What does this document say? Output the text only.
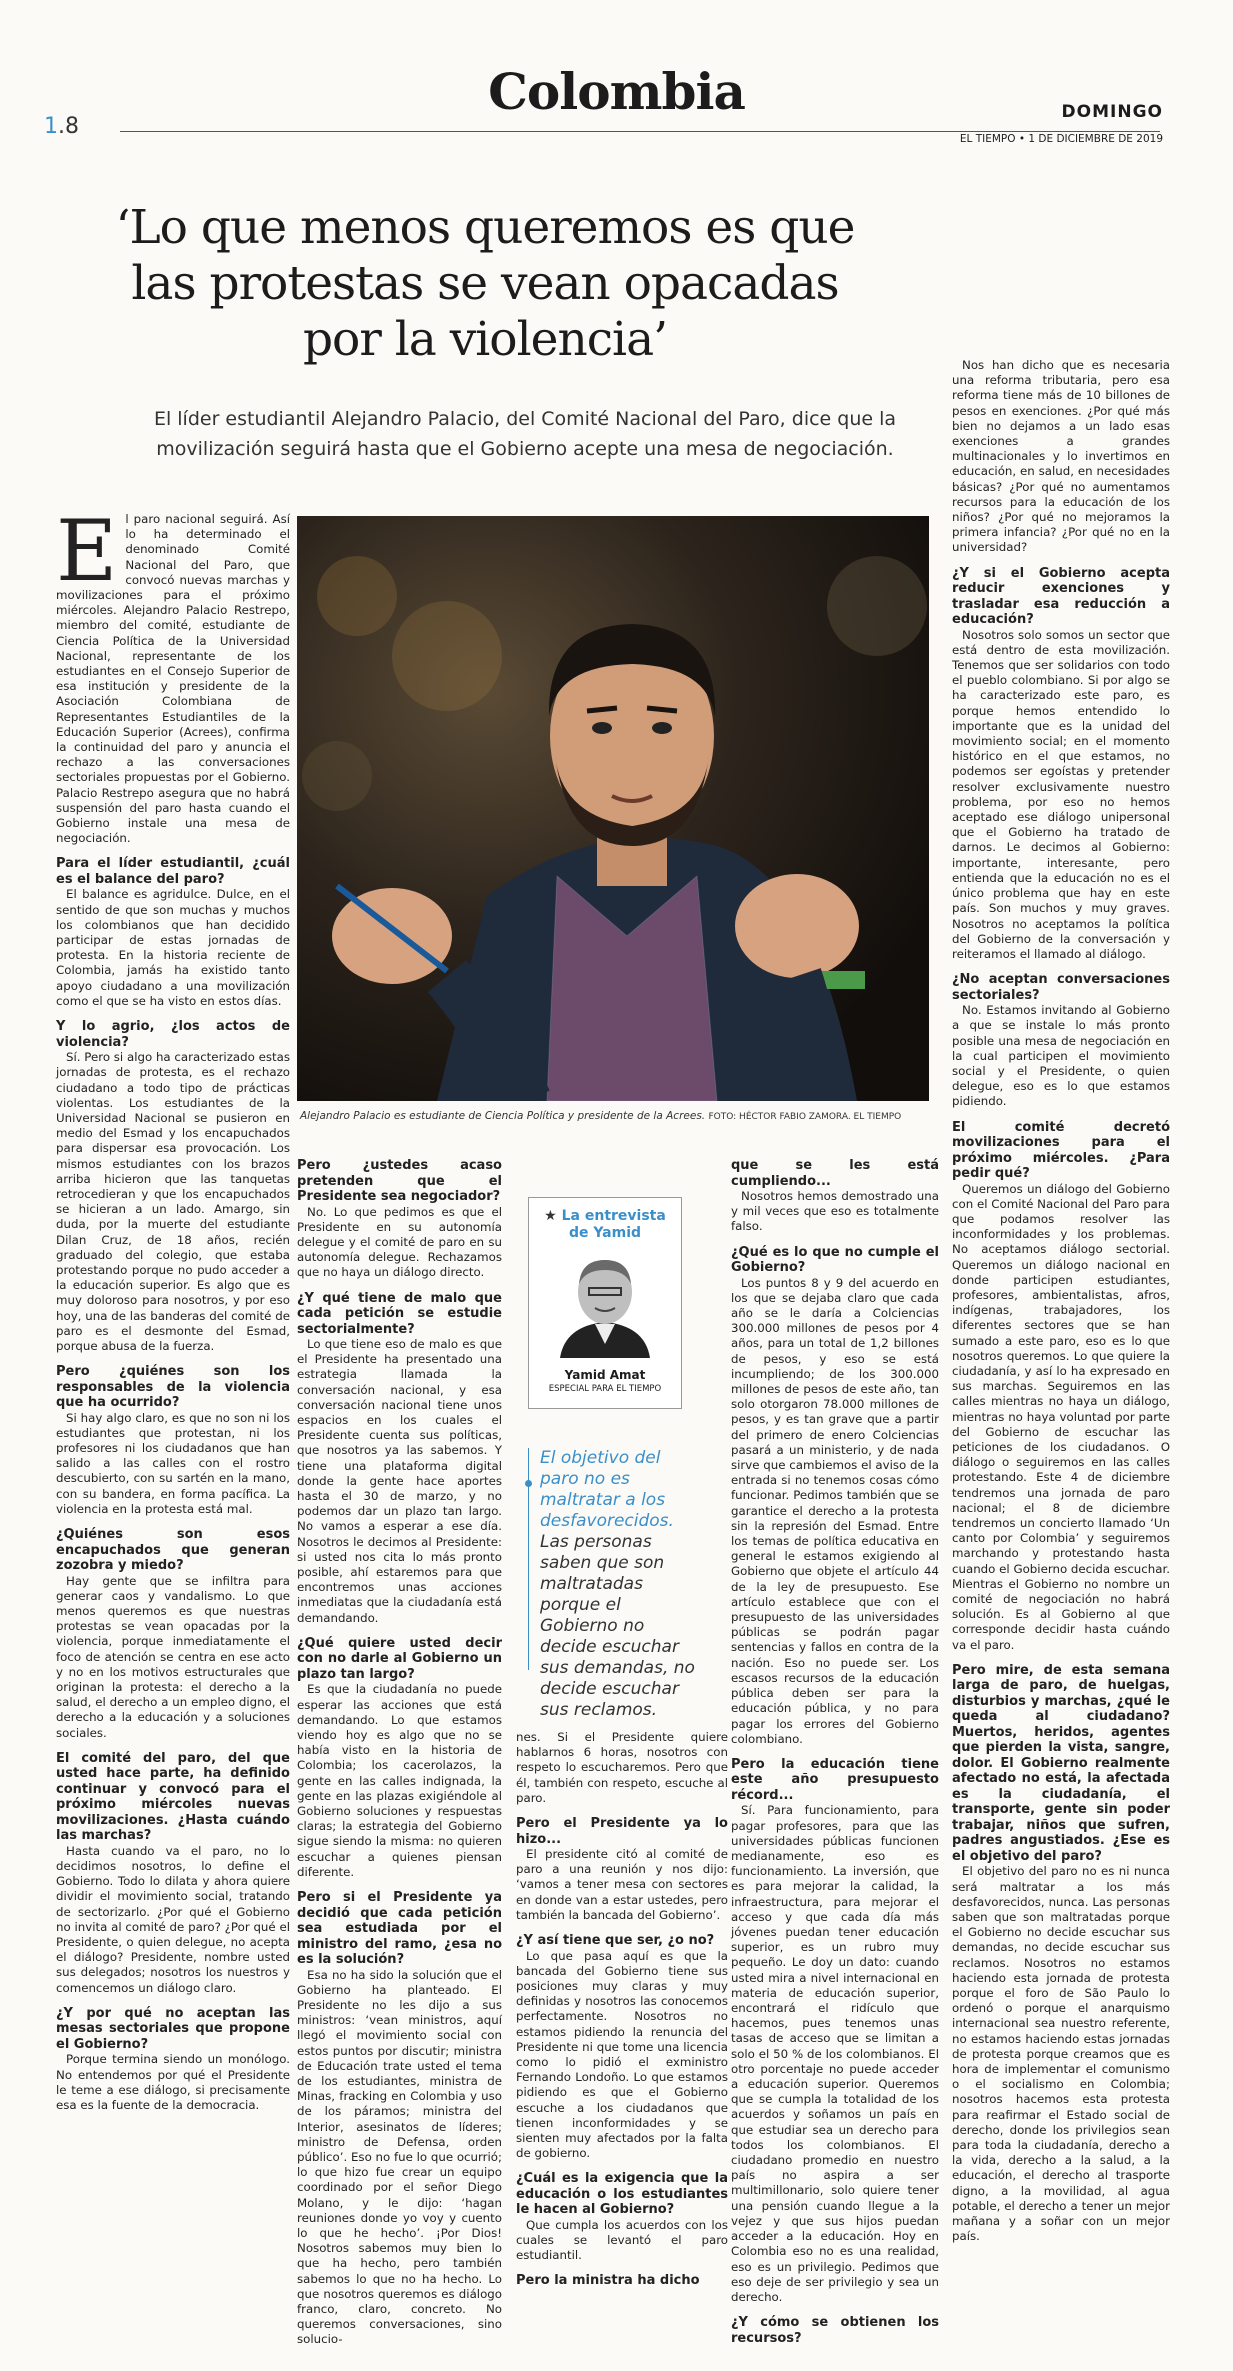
Colombia
1.8
DOMINGO
EL TIEMPO • 1 DE DICIEMBRE DE 2019
‘Lo que menos queremos es que las protestas se vean opacadas por la violencia’
El líder estudiantil Alejandro Palacio, del Comité Nacional del Paro, dice que la movilización seguirá hasta que el Gobierno acepte una mesa de negociación.

El paro nacional seguirá. Así lo ha determinado el denominado Comité Nacional del Paro, que convocó nuevas marchas y movilizaciones para el próximo miércoles. Alejandro Palacio Restrepo, miembro del comité, estudiante de Ciencia Política de la Universidad Nacional, representante de los estudiantes en el Consejo Superior de esa institución y presidente de la Asociación Colombiana de Representantes Estudiantiles de la Educación Superior (Acrees), confirma la continuidad del paro y anuncia el rechazo a las conversaciones sectoriales propuestas por el Gobierno. Palacio Restrepo asegura que no habrá suspensión del paro hasta cuando el Gobierno instale una mesa de negociación.

Para el líder estudiantil, ¿cuál es el balance del paro?

El balance es agridulce. Dulce, en el sentido de que son muchas y muchos los colombianos que han decidido participar de estas jornadas de protesta. En la historia reciente de Colombia, jamás ha existido tanto apoyo ciudadano a una movilización como el que se ha visto en estos días.

Y lo agrio, ¿los actos de violencia?

Sí. Pero si algo ha caracterizado estas jornadas de protesta, es el rechazo ciudadano a todo tipo de prácticas violentas. Los estudiantes de la Universidad Nacional se pusieron en medio del Esmad y los encapuchados para dispersar esa provocación. Los mismos estudiantes con los brazos arriba hicieron que las tanquetas retrocedieran y que los encapuchados se hicieran a un lado. Amargo, sin duda, por la muerte del estudiante Dilan Cruz, de 18 años, recién graduado del colegio, que estaba protestando porque no pudo acceder a la educación superior. Es algo que es muy doloroso para nosotros, y por eso hoy, una de las banderas del comité de paro es el desmonte del Esmad, porque abusa de la fuerza.

Pero ¿quiénes son los responsables de la violencia que ha ocurrido?

Si hay algo claro, es que no son ni los estudiantes que protestan, ni los profesores ni los ciudadanos que han salido a las calles con el rostro descubierto, con su sartén en la mano, con su bandera, en forma pacífica. La violencia en la protesta está mal.

¿Quiénes son esos encapuchados que generan zozobra y miedo?

Hay gente que se infiltra para generar caos y vandalismo. Lo que menos queremos es que nuestras protestas se vean opacadas por la violencia, porque inmediatamente el foco de atención se centra en ese acto y no en los motivos estructurales que originan la protesta: el derecho a la salud, el derecho a un empleo digno, el derecho a la educación y a soluciones sociales.

El comité del paro, del que usted hace parte, ha definido continuar y convocó para el próximo miércoles nuevas movilizaciones. ¿Hasta cuándo las marchas?

Hasta cuando va el paro, no lo decidimos nosotros, lo define el Gobierno. Todo lo dilata y ahora quiere dividir el movimiento social, tratando de sectorizarlo. ¿Por qué el Gobierno no invita al comité de paro? ¿Por qué el Presidente, o quien delegue, no acepta el diálogo? Presidente, nombre usted sus delegados; nosotros los nuestros y comencemos un diálogo claro.

¿Y por qué no aceptan las mesas sectoriales que propone el Gobierno?

Porque termina siendo un monólogo. No entendemos por qué el Presidente le teme a ese diálogo, si precisamente esa es la fuente de la democracia.

Alejandro Palacio es estudiante de Ciencia Política y presidente de la Acrees. FOTO: HÉCTOR FABIO ZAMORA. EL TIEMPO
Pero ¿ustedes acaso pretenden que el Presidente sea negociador?

No. Lo que pedimos es que el Presidente en su autonomía delegue y el comité de paro en su autonomía delegue. Rechazamos que no haya un diálogo directo.

¿Y qué tiene de malo que cada petición se estudie sectorialmente?

Lo que tiene eso de malo es que el Presidente ha presentado una estrategia llamada la conversación nacional, y esa conversación nacional tiene unos espacios en los cuales el Presidente cuenta sus políticas, que nosotros ya las sabemos. Y tiene una plataforma digital donde la gente hace aportes hasta el 30 de marzo, y no podemos dar un plazo tan largo. No vamos a esperar a ese día. Nosotros le decimos al Presidente: si usted nos cita lo más pronto posible, ahí estaremos para que encontremos unas acciones inmediatas que la ciudadanía está demandando.

¿Qué quiere usted decir con no darle al Gobierno un plazo tan largo?

Es que la ciudadanía no puede esperar las acciones que está demandando. Lo que estamos viendo hoy es algo que no se había visto en la historia de Colombia; los cacerolazos, la gente en las calles indignada, la gente en las plazas exigiéndole al Gobierno soluciones y respuestas claras; la estrategia del Gobierno sigue siendo la misma: no quieren escuchar a quienes piensan diferente.

Pero si el Presidente ya decidió que cada petición sea estudiada por el ministro del ramo, ¿esa no es la solución?

Esa no ha sido la solución que el Gobierno ha planteado. El Presidente no les dijo a sus ministros: ‘vean ministros, aquí llegó el movimiento social con estos puntos por discutir; ministra de Educación trate usted el tema de los estudiantes, ministra de Minas, fracking en Colombia y uso de los páramos; ministra del Interior, asesinatos de líderes; ministro de Defensa, orden público’. Eso no fue lo que ocurrió; lo que hizo fue crear un equipo coordinado por el señor Diego Molano, y le dijo: ‘hagan reuniones donde yo voy y cuento lo que he hecho’. ¡Por Dios! Nosotros sabemos muy bien lo que ha hecho, pero también sabemos lo que no ha hecho. Lo que nosotros queremos es diálogo franco, claro, concreto. No queremos conversaciones, sino solucio-

★ La entrevista
de Yamid
Yamid Amat
ESPECIAL PARA EL TIEMPO
El objetivo del paro no es maltratar a los desfavorecidos. Las personas saben que son maltratadas porque el Gobierno no decide escuchar sus demandas, no decide escuchar sus reclamos.

nes. Si el Presidente quiere hablarnos 6 horas, nosotros con respeto lo escucharemos. Pero que él, también con respeto, escuche al paro.

Pero el Presidente ya lo hizo...

El presidente citó al comité de paro a una reunión y nos dijo: ‘vamos a tener mesa con sectores en donde van a estar ustedes, pero también la bancada del Gobierno’.

¿Y así tiene que ser, ¿o no?

Lo que pasa aquí es que la bancada del Gobierno tiene sus posiciones muy claras y muy definidas y nosotros las conocemos perfectamente. Nosotros no estamos pidiendo la renuncia del Presidente ni que tome una licencia como lo pidió el exministro Fernando Londoño. Lo que estamos pidiendo es que el Gobierno escuche a los ciudadanos que tienen inconformidades y se sienten muy afectados por la falta de gobierno.

¿Cuál es la exigencia que la educación o los estudiantes le hacen al Gobierno?

Que cumpla los acuerdos con los cuales se levantó el paro estudiantil.

Pero la ministra ha dicho
que se les está cumpliendo...

Nosotros hemos demostrado una y mil veces que eso es totalmente falso.

¿Qué es lo que no cumple el Gobierno?

Los puntos 8 y 9 del acuerdo en los que se dejaba claro que cada año se le daría a Colciencias 300.000 millones de pesos por 4 años, para un total de 1,2 billones de pesos, y eso se está incumpliendo; de los 300.000 millones de pesos de este año, tan solo otorgaron 78.000 millones de pesos, y es tan grave que a partir del primero de enero Colciencias pasará a un ministerio, y de nada sirve que cambiemos el aviso de la entrada si no tenemos cosas cómo funcionar. Pedimos también que se garantice el derecho a la protesta sin la represión del Esmad. Entre los temas de política educativa en general le estamos exigiendo al Gobierno que objete el artículo 44 de la ley de presupuesto. Ese artículo establece que con el presupuesto de las universidades públicas se podrán pagar sentencias y fallos en contra de la nación. Eso no puede ser. Los escasos recursos de la educación pública deben ser para la educación pública, y no para pagar los errores del Gobierno colombiano.

Pero la educación tiene este año presupuesto récord...

Sí. Para funcionamiento, para pagar profesores, para que las universidades públicas funcionen medianamente, eso es funcionamiento. La inversión, que es para mejorar la calidad, la infraestructura, para mejorar el acceso y que cada día más jóvenes puedan tener educación superior, es un rubro muy pequeño. Le doy un dato: cuando usted mira a nivel internacional en materia de educación superior, encontrará el ridículo que hacemos, pues tenemos unas tasas de acceso que se limitan a solo el 50 % de los colombianos. El otro porcentaje no puede acceder a educación superior. Queremos que se cumpla la totalidad de los acuerdos y soñamos un país en que estudiar sea un derecho para todos los colombianos. El ciudadano promedio en nuestro país no aspira a ser multimillonario, solo quiere tener una pensión cuando llegue a la vejez y que sus hijos puedan acceder a la educación. Hoy en Colombia eso no es una realidad, eso es un privilegio. Pedimos que eso deje de ser privilegio y sea un derecho.

¿Y cómo se obtienen los recursos?

Nos han dicho que es necesaria una reforma tributaria, pero esa reforma tiene más de 10 billones de pesos en exenciones. ¿Por qué más bien no dejamos a un lado esas exenciones a grandes multinacionales y lo invertimos en educación, en salud, en necesidades básicas? ¿Por qué no aumentamos recursos para la educación de los niños? ¿Por qué no mejoramos la primera infancia? ¿Por qué no en la universidad?

¿Y si el Gobierno acepta reducir exenciones y trasladar esa reducción a educación?

Nosotros solo somos un sector que está dentro de esta movilización. Tenemos que ser solidarios con todo el pueblo colombiano. Si por algo se ha caracterizado este paro, es porque hemos entendido lo importante que es la unidad del movimiento social; en el momento histórico en el que estamos, no podemos ser egoístas y pretender resolver exclusivamente nuestro problema, por eso no hemos aceptado ese diálogo unipersonal que el Gobierno ha tratado de darnos. Le decimos al Gobierno: importante, interesante, pero entienda que la educación no es el único problema que hay en este país. Son muchos y muy graves. Nosotros no aceptamos la política del Gobierno de la conversación y reiteramos el llamado al diálogo.

¿No aceptan conversaciones sectoriales?

No. Estamos invitando al Gobierno a que se instale lo más pronto posible una mesa de negociación en la cual participen el movimiento social y el Presidente, o quien delegue, eso es lo que estamos pidiendo.

El comité decretó movilizaciones para el próximo miércoles. ¿Para pedir qué?

Queremos un diálogo del Gobierno con el Comité Nacional del Paro para que podamos resolver las inconformidades y los problemas. No aceptamos diálogo sectorial. Queremos un diálogo nacional en donde participen estudiantes, profesores, ambientalistas, afros, indígenas, trabajadores, los diferentes sectores que se han sumado a este paro, eso es lo que nosotros queremos. Lo que quiere la ciudadanía, y así lo ha expresado en sus marchas. Seguiremos en las calles mientras no haya un diálogo, mientras no haya voluntad por parte del Gobierno de escuchar las peticiones de los ciudadanos. O diálogo o seguiremos en las calles protestando. Este 4 de diciembre tendremos una jornada de paro nacional; el 8 de diciembre tendremos un concierto llamado ‘Un canto por Colombia’ y seguiremos marchando y protestando hasta cuando el Gobierno decida escuchar. Mientras el Gobierno no nombre un comité de negociación no habrá solución. Es al Gobierno al que corresponde decidir hasta cuándo va el paro.

Pero mire, de esta semana larga de paro, de huelgas, disturbios y marchas, ¿qué le queda al ciudadano? Muertos, heridos, agentes que pierden la vista, sangre, dolor. El Gobierno realmente afectado no está, la afectada es la ciudadanía, el transporte, gente sin poder trabajar, niños que sufren, padres angustiados. ¿Ese es el objetivo del paro?

El objetivo del paro no es ni nunca será maltratar a los más desfavorecidos, nunca. Las personas saben que son maltratadas porque el Gobierno no decide escuchar sus demandas, no decide escuchar sus reclamos. Nosotros no estamos haciendo esta jornada de protesta porque el foro de São Paulo lo ordenó o porque el anarquismo internacional sea nuestro referente, no estamos haciendo estas jornadas de protesta porque creamos que es hora de implementar el comunismo o el socialismo en Colombia; nosotros hacemos esta protesta para reafirmar el Estado social de derecho, donde los privilegios sean para toda la ciudadanía, derecho a la vida, derecho a la salud, a la educación, el derecho al trasporte digno, a la movilidad, al agua potable, el derecho a tener un mejor mañana y a soñar con un mejor país.
